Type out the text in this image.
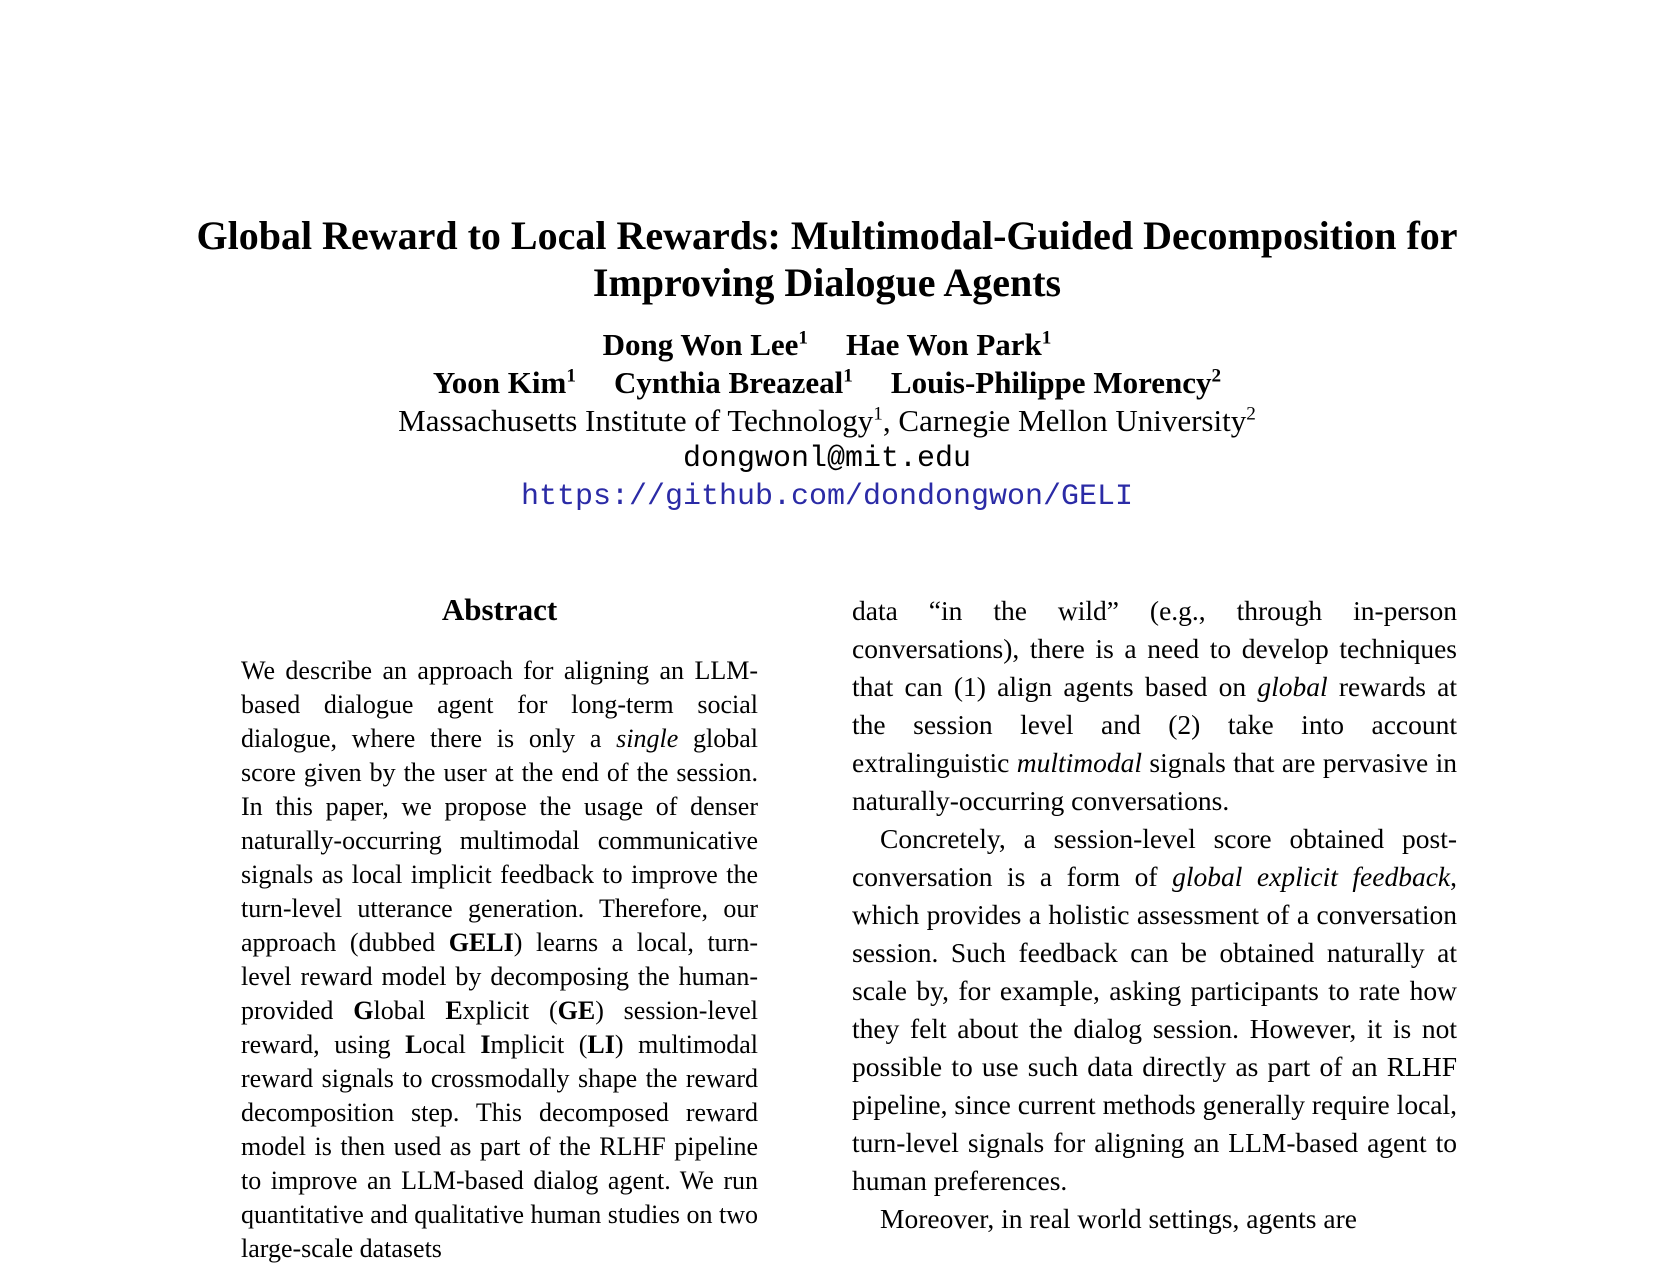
Global Reward to Local Rewards: Multimodal-Guided Decomposition for
Improving Dialogue Agents
Dong Won Lee$^1$ Hae Won Park$^1$
Yoon Kim$^1$ Cynthia Breazeal$^1$ Louis-Philippe Morency$^2$
Massachusetts Institute of Technology$^1$, Carnegie Mellon University$^2$
dongwonl@mit.edu
https://github.com/dondongwon/GELI
Abstract
We describe an approach for aligning an LLM-based dialogue agent for long-term social dialogue, where there is only a single global score given by the user at the end of the session. In this paper, we propose the usage of denser naturally-occurring multimodal communicative signals as local implicit feedback to improve the turn-level utterance generation. Therefore, our approach (dubbed GELI) learns a local, turn-level reward model by decomposing the human-provided Global Explicit (GE) session-level reward, using Local Implicit (LI) multimodal reward signals to crossmodally shape the reward decomposition step. This decomposed reward model is then used as part of the RLHF pipeline to improve an LLM-based dialog agent. We run quantitative and qualitative human studies on two large-scale datasets

data “in the wild” (e.g., through in-person conversations), there is a need to develop techniques that can (1) align agents based on global rewards at the session level and (2) take into account extralinguistic multimodal signals that are pervasive in naturally-occurring conversations.

Concretely, a session-level score obtained post-conversation is a form of global explicit feedback, which provides a holistic assessment of a conversation session. Such feedback can be obtained naturally at scale by, for example, asking participants to rate how they felt about the dialog session. However, it is not possible to use such data directly as part of an RLHF pipeline, since current methods generally require local, turn-level signals for aligning an LLM-based agent to human preferences.

Moreover, in real world settings, agents are
